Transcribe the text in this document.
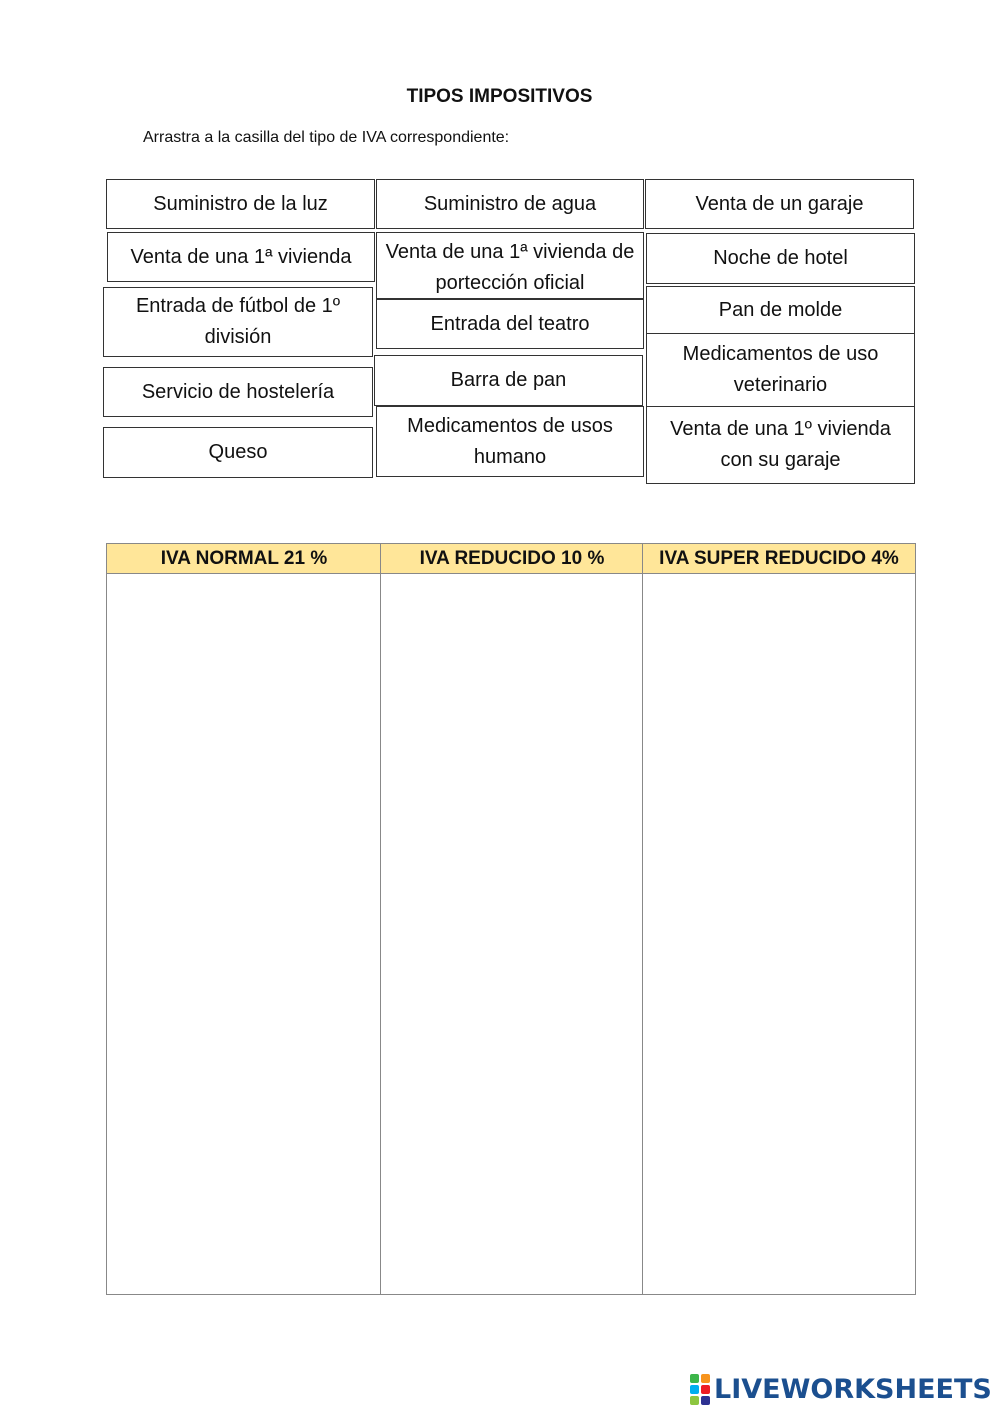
TIPOS IMPOSITIVOS
Arrastra a la casilla del tipo de IVA correspondiente:
Suministro de la luz	Suministro de agua	Venta de un garaje
Venta de una 1ª vivienda	Venta de una 1ª vivienda de portección oficial
Noche de hotel
Entrada de fútbol de 1º división
Entrada del teatro
Pan de molde
Medicamentos de uso veterinario
Servicio de hostelería
Barra de pan
Queso
Medicamentos de usos humano
Venta de una 1º vivienda con su garaje
IVA NORMAL 21 %	IVA REDUCIDO 10 %	IVA SUPER REDUCIDO 4%
LIVEWORKSHEETS
